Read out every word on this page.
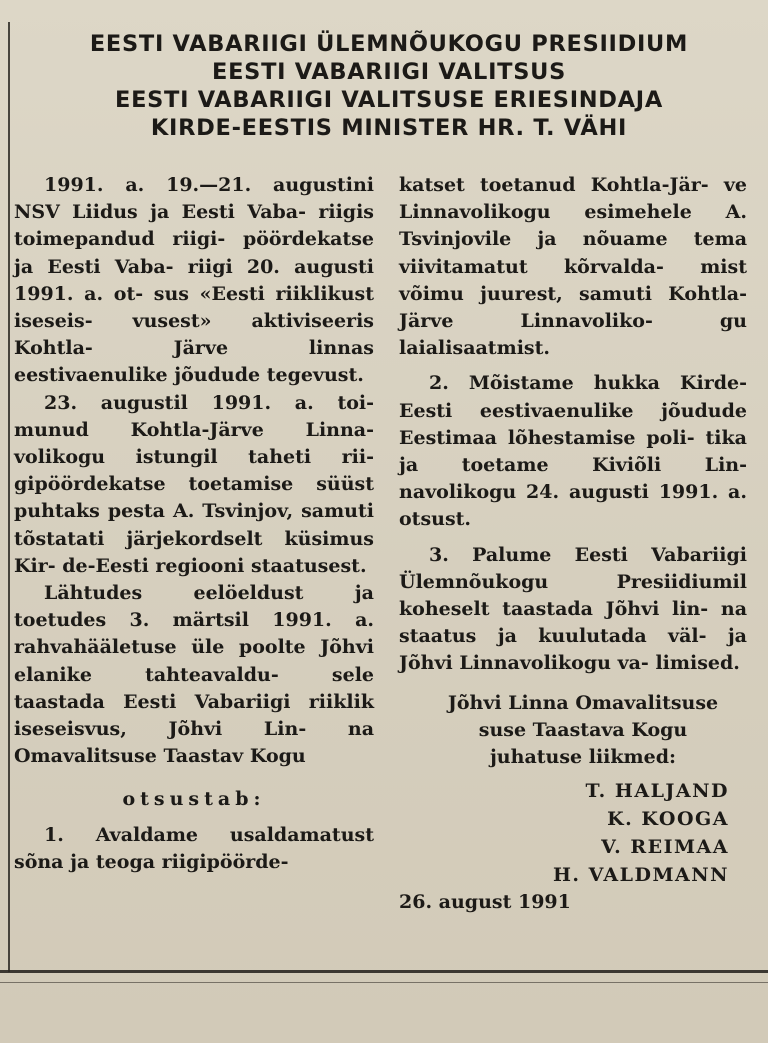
EESTI VABARIIGI ÜLEMNÕUKOGU PRESIIDIUM
EESTI VABARIIGI VALITSUS
EESTI VABARIIGI VALITSUSE ERIESINDAJA
KIRDE-EESTIS MINISTER HR. T. VÄHI

1991. a. 19.—21. augustini NSV Liidus ja Eesti Vaba- riigis toimepandud riigi- pöördekatse ja Eesti Vaba- riigi 20. augusti 1991. a. ot- sus «Eesti riiklikust iseseis- vusest» aktiviseeris Kohtla-	Järve linnas eestivaenulike jõudude tegevust.

23. augustil 1991. a. toi- munud Kohtla-Järve Linna- volikogu istungil taheti rii- gipöördekatse toetamise süüst puhtaks pesta A. Tsvinjov, samuti tõstatati järjekordselt küsimus Kir- de-Eesti regiooni staatusest.

Lähtudes eelöeldust ja toetudes 3. märtsil 1991. a. rahvahääletuse üle poolte Jõhvi elanike tahteavaldu-	sele taastada Eesti Vabariigi riiklik iseseisvus, Jõhvi Lin- na Omavalitsuse Taastav Kogu

otsustab:

1. Avaldame usaldamatust sõna ja teoga riigipöörde-

katset toetanud Kohtla-Jär- ve Linnavolikogu esimehele A. Tsvinjovile ja nõuame tema viivitamatut kõrvalda- mist võimu juurest, samuti Kohtla-Järve Linnavoliko-	gu laialisaatmist.

2. Mõistame hukka Kirde- Eesti eestivaenulike jõudude Eestimaa lõhestamise poli- tika ja toetame Kiviõli Lin- navolikogu 24. augusti 1991. a. otsust.

3. Palume Eesti Vabariigi Ülemnõukogu Presiidiumil koheselt taastada Jõhvi lin- na staatus ja kuulutada väl- ja Jõhvi Linnavolikogu va- limised.

Jõhvi Linna Omavalitsuse
suse Taastava Kogu
juhatuse liikmed:

T. HALJAND
K. KOOGA
V. REIMAA
H. VALDMANN

26. august 1991
